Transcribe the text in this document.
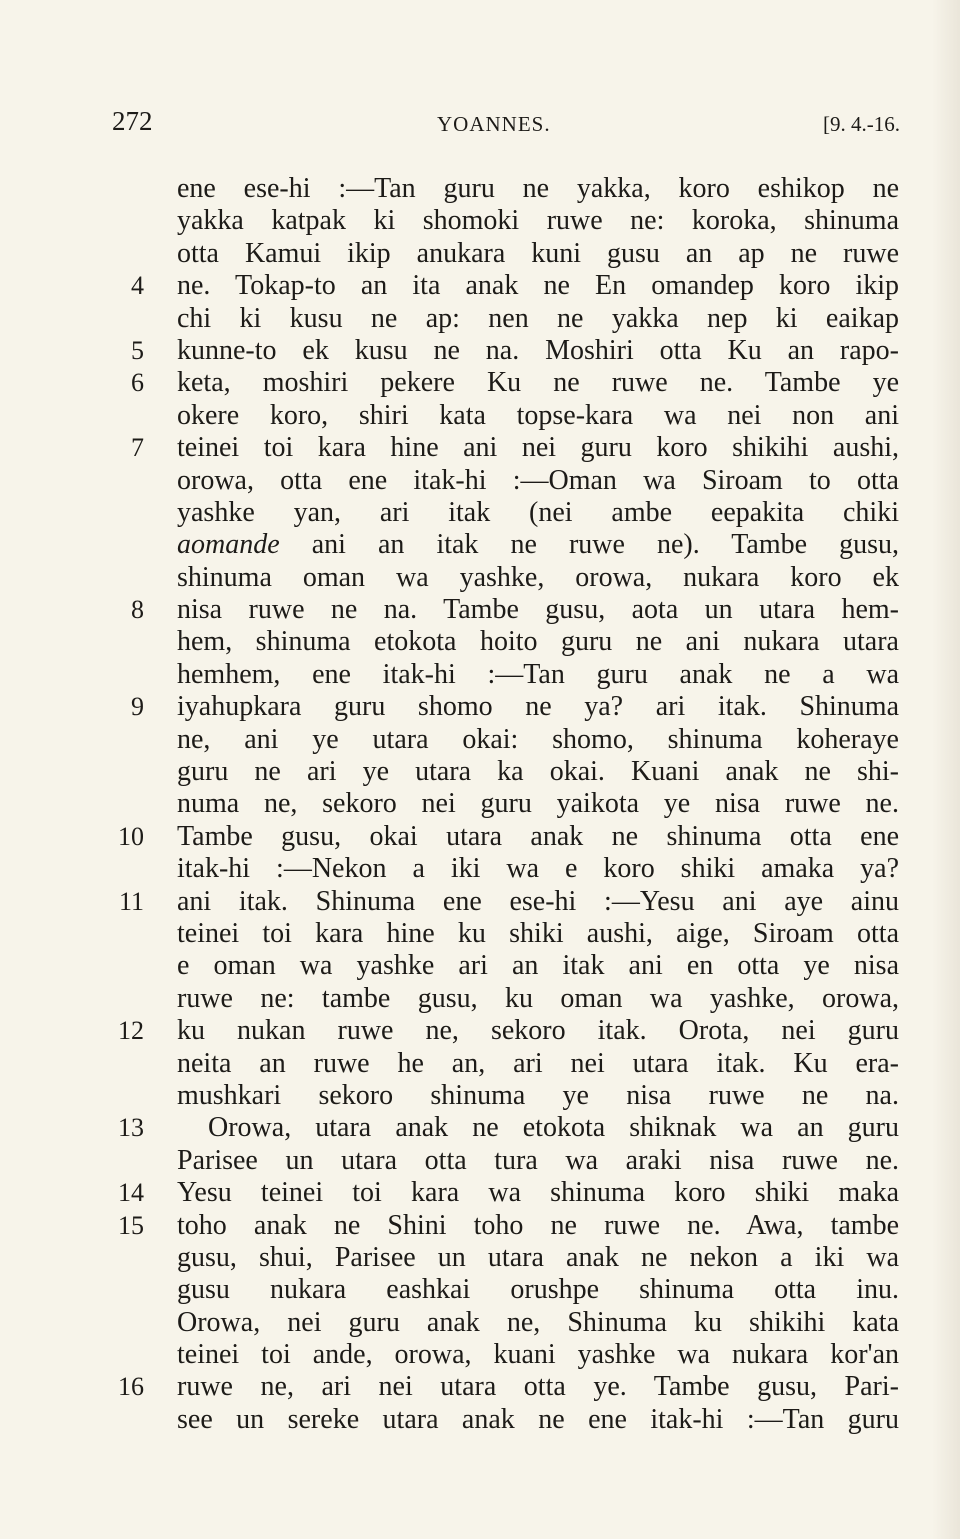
272	YOANNES.	[9. 4.-16.
ene ese-hi :—Tan guru ne yakka, koro eshikop ne
yakka katpak ki shomoki ruwe ne: koroka, shinuma
otta Kamui ikip anukara kuni gusu an ap ne ruwe
4 ne. Tokap-to an ita anak ne En omandep koro ikip
chi ki kusu ne ap: nen ne yakka nep ki eaikap
5 kunne-to ek kusu ne na. Moshiri otta Ku an rapo-
6 keta, moshiri pekere Ku ne ruwe ne. Tambe ye
okere koro, shiri kata topse-kara wa nei non ani
7 teinei toi kara hine ani nei guru koro shikihi aushi,
orowa, otta ene itak-hi :—Oman wa Siroam to otta
yashke yan, ari itak (nei ambe eepakita chiki
aomande ani an itak ne ruwe ne). Tambe gusu,
shinuma oman wa yashke, orowa, nukara koro ek
8 nisa ruwe ne na. Tambe gusu, aota un utara hem-
hem, shinuma etokota hoito guru ne ani nukara utara
hemhem, ene itak-hi :—Tan guru anak ne a wa
9 iyahupkara guru shomo ne ya? ari itak. Shinuma
ne, ani ye utara okai: shomo, shinuma koheraye
guru ne ari ye utara ka okai. Kuani anak ne shi-
numa ne, sekoro nei guru yaikota ye nisa ruwe ne.
10 Tambe gusu, okai utara anak ne shinuma otta ene
itak-hi :—Nekon a iki wa e koro shiki amaka ya?
11 ani itak. Shinuma ene ese-hi :—Yesu ani aye ainu
teinei toi kara hine ku shiki aushi, aige, Siroam otta
e oman wa yashke ari an itak ani en otta ye nisa
ruwe ne: tambe gusu, ku oman wa yashke, orowa,
12 ku nukan ruwe ne, sekoro itak. Orota, nei guru
neita an ruwe he an, ari nei utara itak. Ku era-
mushkari sekoro shinuma ye nisa ruwe ne na.
13 Orowa, utara anak ne etokota shiknak wa an guru
Parisee un utara otta tura wa araki nisa ruwe ne.
14 Yesu teinei toi kara wa shinuma koro shiki maka
15 toho anak ne Shini toho ne ruwe ne. Awa, tambe
gusu, shui, Parisee un utara anak ne nekon a iki wa
gusu nukara eashkai orushpe shinuma otta inu.
Orowa, nei guru anak ne, Shinuma ku shikihi kata
teinei toi ande, orowa, kuani yashke wa nukara kor'an
16 ruwe ne, ari nei utara otta ye. Tambe gusu, Pari-
see un sereke utara anak ne ene itak-hi :—Tan guru
